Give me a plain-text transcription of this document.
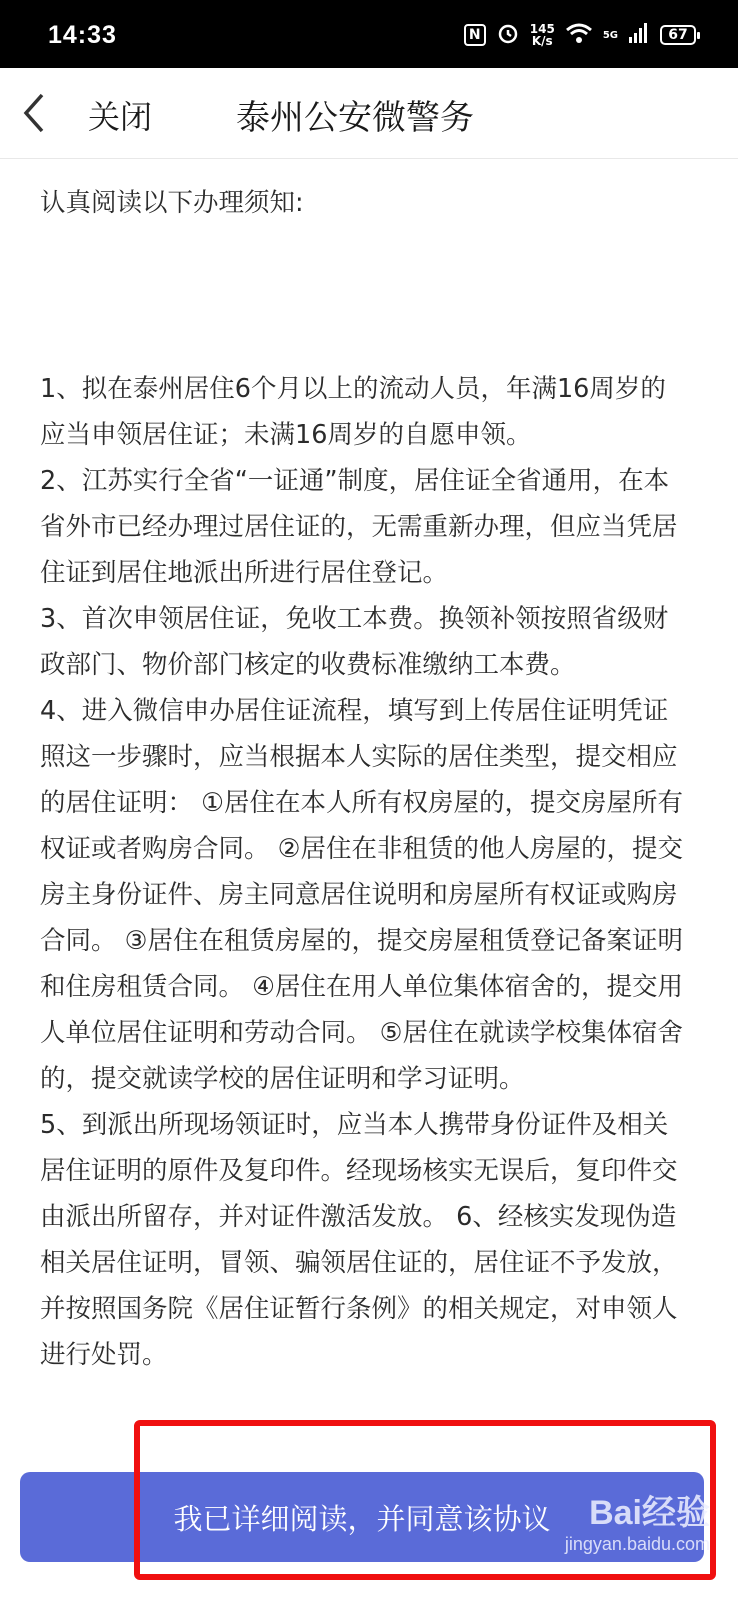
14:33	N	145
K/s	5G	67
关闭 泰州公安微警务

认真阅读以下办理须知:

1、拟在泰州居住6个月以上的流动人员，年满16周岁的应当申领居住证；未满16周岁的自愿申领。

2、江苏实行全省“一证通”制度，居住证全省通用，在本省外市已经办理过居住证的，无需重新办理，但应当凭居住证到居住地派出所进行居住登记。

3、首次申领居住证，免收工本费。换领补领按照省级财政部门、物价部门核定的收费标准缴纳工本费。

4、进入微信申办居住证流程，填写到上传居住证明凭证照这一步骤时，应当根据本人实际的居住类型，提交相应的居住证明： ①居住在本人所有权房屋的，提交房屋所有权证或者购房合同。 ②居住在非租赁的他人房屋的，提交房主身份证件、房主同意居住说明和房屋所有权证或购房合同。 ③居住在租赁房屋的，提交房屋租赁登记备案证明和住房租赁合同。 ④居住在用人单位集体宿舍的，提交用人单位居住证明和劳动合同。 ⑤居住在就读学校集体宿舍的，提交就读学校的居住证明和学习证明。

5、到派出所现场领证时，应当本人携带身份证件及相关居住证明的原件及复印件。经现场核实无误后，复印件交由派出所留存，并对证件激活发放。 6、经核实发现伪造相关居住证明，冒领、骗领居住证的，居住证不予发放，并按照国务院《居住证暂行条例》的相关规定，对申领人进行处罚。

我已详细阅读，并同意该协议	Bai经验
jingyan.baidu.com
